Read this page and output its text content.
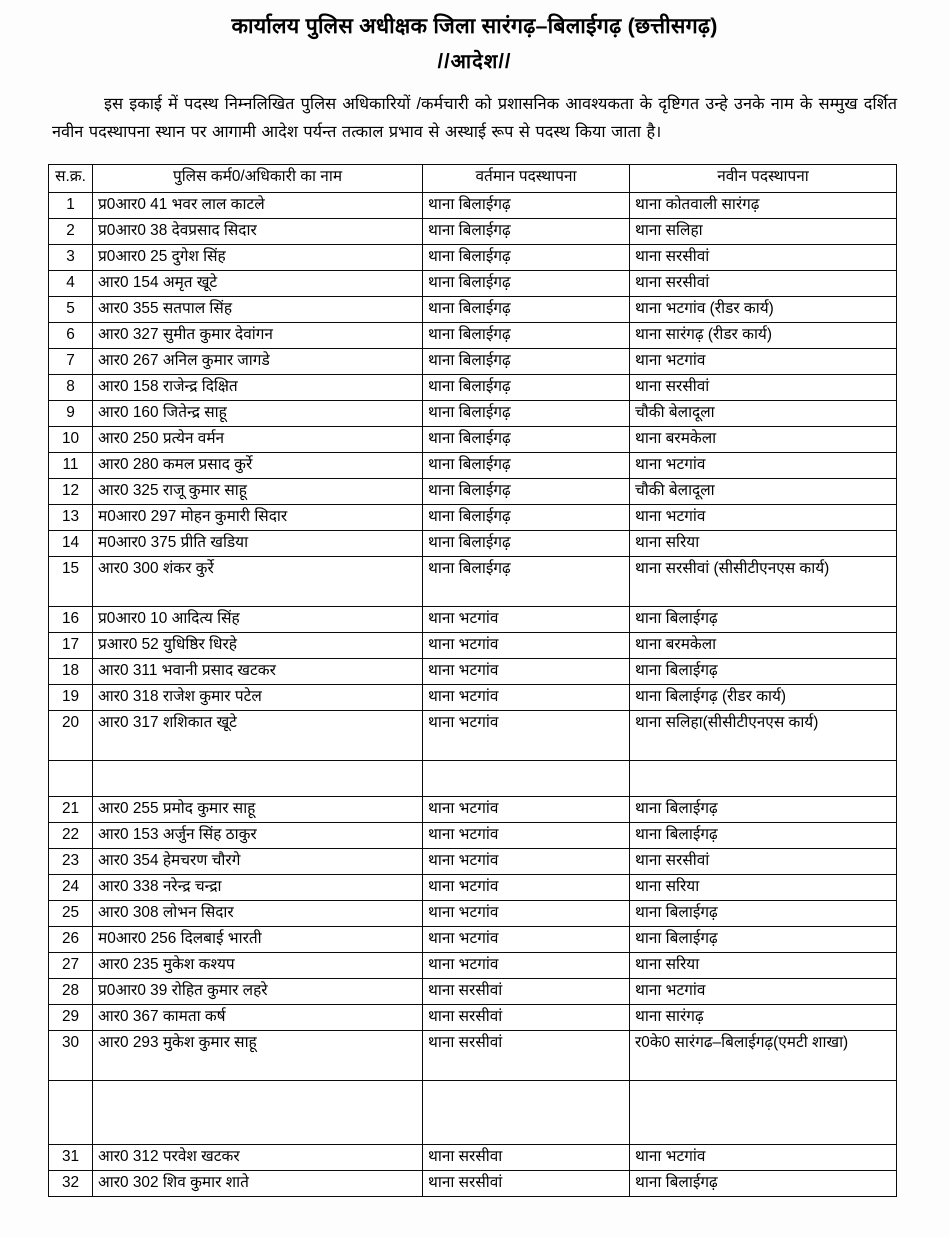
कार्यालय पुलिस अधीक्षक जिला सारंगढ़–बिलाईगढ़ (छत्तीसगढ़)
//आदेश//
इस इकाई में पदस्थ निम्नलिखित पुलिस अधिकारियों /कर्मचारी को प्रशासनिक आवश्यकता के दृष्टिगत उन्हे उनके नाम के सम्मुख दर्शित नवीन पदस्थापना स्थान पर आगामी आदेश पर्यन्त तत्काल प्रभाव से अस्थाई रूप से पदस्थ किया जाता है।
स.क्र.	पुलिस कर्म0/अधिकारी का नाम	वर्तमान पदस्थापना	नवीन पदस्थापना
1	प्र0आर0 41 भवर लाल काटले	थाना बिलाईगढ़	थाना कोतवाली सारंगढ़
2	प्र0आर0 38 देवप्रसाद सिदार	थाना बिलाईगढ़	थाना सलिहा
3	प्र0आर0 25 दुगेश सिंह	थाना बिलाईगढ़	थाना सरसीवां
4	आर0 154 अमृत खूटे	थाना बिलाईगढ़	थाना सरसीवां
5	आर0 355 सतपाल सिंह	थाना बिलाईगढ़	थाना भटगांव (रीडर कार्य)
6	आर0 327 सुमीत कुमार देवांगन	थाना बिलाईगढ़	थाना सारंगढ़ (रीडर कार्य)
7	आर0 267 अनिल कुमार जागडे	थाना बिलाईगढ़	थाना भटगांव
8	आर0 158 राजेन्द्र दिक्षित	थाना बिलाईगढ़	थाना सरसीवां
9	आर0 160 जितेन्द्र साहू	थाना बिलाईगढ़	चौकी बेलादूला
10	आर0 250 प्रत्येन वर्मन	थाना बिलाईगढ़	थाना बरमकेला
11	आर0 280 कमल प्रसाद कुर्रे	थाना बिलाईगढ़	थाना भटगांव
12	आर0 325 राजू कुमार साहू	थाना बिलाईगढ़	चौकी बेलादूला
13	म0आर0 297 मोहन कुमारी सिदार	थाना बिलाईगढ़	थाना भटगांव
14	म0आर0 375 प्रीति खडिया	थाना बिलाईगढ़	थाना सरिया
15	आर0 300 शंकर कुर्रे	थाना बिलाईगढ़	थाना सरसीवां (सीसीटीएनएस कार्य)
16	प्र0आर0 10 आदित्य सिंह	थाना भटगांव	थाना बिलाईगढ़
17	प्रआर0 52 युधिष्ठिर धिरहे	थाना भटगांव	थाना बरमकेला
18	आर0 311 भवानी प्रसाद खटकर	थाना भटगांव	थाना बिलाईगढ़
19	आर0 318 राजेश कुमार पटेल	थाना भटगांव	थाना बिलाईगढ़ (रीडर कार्य)
20	आर0 317 शशिकात खूटे	थाना भटगांव	थाना सलिहा(सीसीटीएनएस कार्य)

21	आर0 255 प्रमोद कुमार साहू	थाना भटगांव	थाना बिलाईगढ़
22	आर0 153 अर्जुन सिंह ठाकुर	थाना भटगांव	थाना बिलाईगढ़
23	आर0 354 हेमचरण चौरगे	थाना भटगांव	थाना सरसीवां
24	आर0 338 नरेन्द्र चन्द्रा	थाना भटगांव	थाना सरिया
25	आर0 308 लोभन सिदार	थाना भटगांव	थाना बिलाईगढ़
26	म0आर0 256 दिलबाई भारती	थाना भटगांव	थाना बिलाईगढ़
27	आर0 235 मुकेश कश्यप	थाना भटगांव	थाना सरिया
28	प्र0आर0 39 रोहित कुमार लहरे	थाना सरसीवां	थाना भटगांव
29	आर0 367 कामता कर्ष	थाना सरसीवां	थाना सारंगढ़
30	आर0 293 मुकेश कुमार साहू	थाना सरसीवां	र0के0 सारंगढ–बिलाईगढ़(एमटी शाखा)

31	आर0 312 परवेश खटकर	थाना सरसीवा	थाना भटगांव
32	आर0 302 शिव कुमार शाते	थाना सरसीवां	थाना बिलाईगढ़
